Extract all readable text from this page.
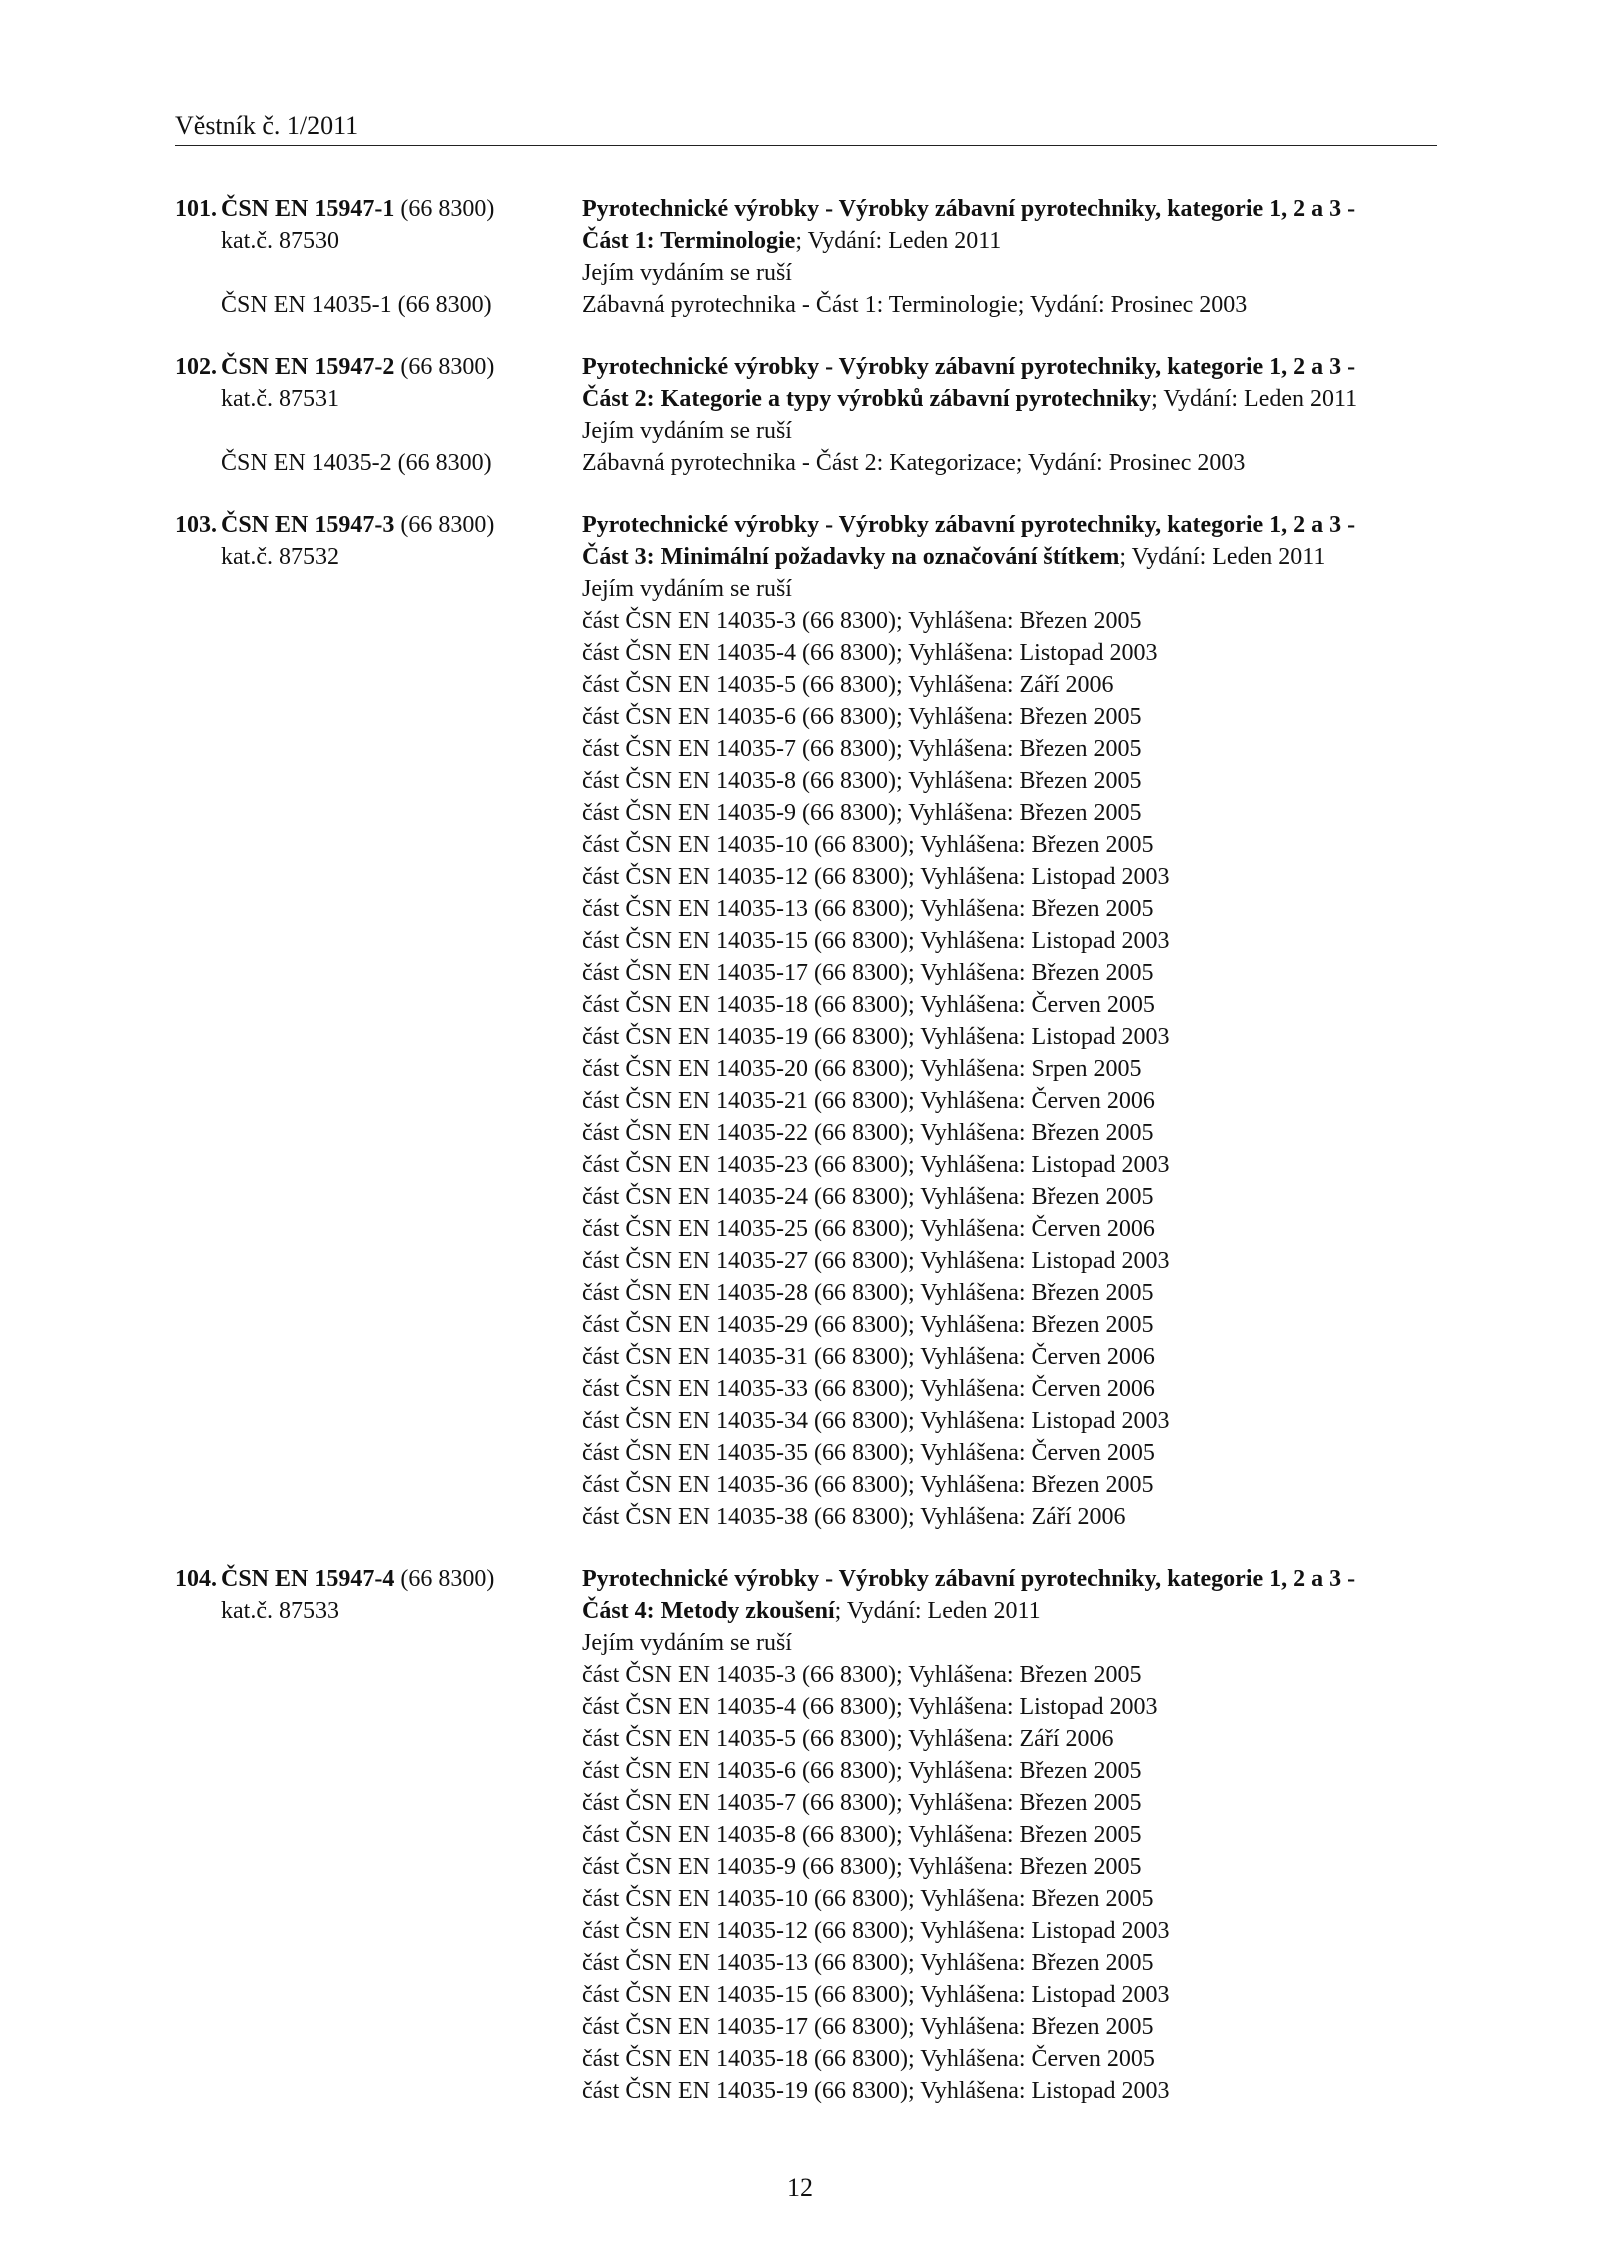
Věstník č. 1/2011
101. ČSN EN 15947-1 (66 8300)	Pyrotechnické výrobky - Výrobky zábavní pyrotechniky, kategorie 1, 2 a 3 -
kat.č. 87530	Část 1: Terminologie; Vydání: Leden 2011
Jejím vydáním se ruší
ČSN EN 14035-1 (66 8300)	Zábavná pyrotechnika - Část 1: Terminologie; Vydání: Prosinec 2003
102. ČSN EN 15947-2 (66 8300)	Pyrotechnické výrobky - Výrobky zábavní pyrotechniky, kategorie 1, 2 a 3 -
kat.č. 87531	Část 2: Kategorie a typy výrobků zábavní pyrotechniky; Vydání: Leden 2011
Jejím vydáním se ruší
ČSN EN 14035-2 (66 8300)	Zábavná pyrotechnika - Část 2: Kategorizace; Vydání: Prosinec 2003
103. ČSN EN 15947-3 (66 8300)	Pyrotechnické výrobky - Výrobky zábavní pyrotechniky, kategorie 1, 2 a 3 -
kat.č. 87532	Část 3: Minimální požadavky na označování štítkem; Vydání: Leden 2011
Jejím vydáním se ruší
část ČSN EN 14035-3 (66 8300); Vyhlášena: Březen 2005
část ČSN EN 14035-4 (66 8300); Vyhlášena: Listopad 2003
část ČSN EN 14035-5 (66 8300); Vyhlášena: Září 2006
část ČSN EN 14035-6 (66 8300); Vyhlášena: Březen 2005
část ČSN EN 14035-7 (66 8300); Vyhlášena: Březen 2005
část ČSN EN 14035-8 (66 8300); Vyhlášena: Březen 2005
část ČSN EN 14035-9 (66 8300); Vyhlášena: Březen 2005
část ČSN EN 14035-10 (66 8300); Vyhlášena: Březen 2005
část ČSN EN 14035-12 (66 8300); Vyhlášena: Listopad 2003
část ČSN EN 14035-13 (66 8300); Vyhlášena: Březen 2005
část ČSN EN 14035-15 (66 8300); Vyhlášena: Listopad 2003
část ČSN EN 14035-17 (66 8300); Vyhlášena: Březen 2005
část ČSN EN 14035-18 (66 8300); Vyhlášena: Červen 2005
část ČSN EN 14035-19 (66 8300); Vyhlášena: Listopad 2003
část ČSN EN 14035-20 (66 8300); Vyhlášena: Srpen 2005
část ČSN EN 14035-21 (66 8300); Vyhlášena: Červen 2006
část ČSN EN 14035-22 (66 8300); Vyhlášena: Březen 2005
část ČSN EN 14035-23 (66 8300); Vyhlášena: Listopad 2003
část ČSN EN 14035-24 (66 8300); Vyhlášena: Březen 2005
část ČSN EN 14035-25 (66 8300); Vyhlášena: Červen 2006
část ČSN EN 14035-27 (66 8300); Vyhlášena: Listopad 2003
část ČSN EN 14035-28 (66 8300); Vyhlášena: Březen 2005
část ČSN EN 14035-29 (66 8300); Vyhlášena: Březen 2005
část ČSN EN 14035-31 (66 8300); Vyhlášena: Červen 2006
část ČSN EN 14035-33 (66 8300); Vyhlášena: Červen 2006
část ČSN EN 14035-34 (66 8300); Vyhlášena: Listopad 2003
část ČSN EN 14035-35 (66 8300); Vyhlášena: Červen 2005
část ČSN EN 14035-36 (66 8300); Vyhlášena: Březen 2005
část ČSN EN 14035-38 (66 8300); Vyhlášena: Září 2006
104. ČSN EN 15947-4 (66 8300)	Pyrotechnické výrobky - Výrobky zábavní pyrotechniky, kategorie 1, 2 a 3 -
kat.č. 87533	Část 4: Metody zkoušení; Vydání: Leden 2011
Jejím vydáním se ruší
část ČSN EN 14035-3 (66 8300); Vyhlášena: Březen 2005
část ČSN EN 14035-4 (66 8300); Vyhlášena: Listopad 2003
část ČSN EN 14035-5 (66 8300); Vyhlášena: Září 2006
část ČSN EN 14035-6 (66 8300); Vyhlášena: Březen 2005
část ČSN EN 14035-7 (66 8300); Vyhlášena: Březen 2005
část ČSN EN 14035-8 (66 8300); Vyhlášena: Březen 2005
část ČSN EN 14035-9 (66 8300); Vyhlášena: Březen 2005
část ČSN EN 14035-10 (66 8300); Vyhlášena: Březen 2005
část ČSN EN 14035-12 (66 8300); Vyhlášena: Listopad 2003
část ČSN EN 14035-13 (66 8300); Vyhlášena: Březen 2005
část ČSN EN 14035-15 (66 8300); Vyhlášena: Listopad 2003
část ČSN EN 14035-17 (66 8300); Vyhlášena: Březen 2005
část ČSN EN 14035-18 (66 8300); Vyhlášena: Červen 2005
část ČSN EN 14035-19 (66 8300); Vyhlášena: Listopad 2003
12
